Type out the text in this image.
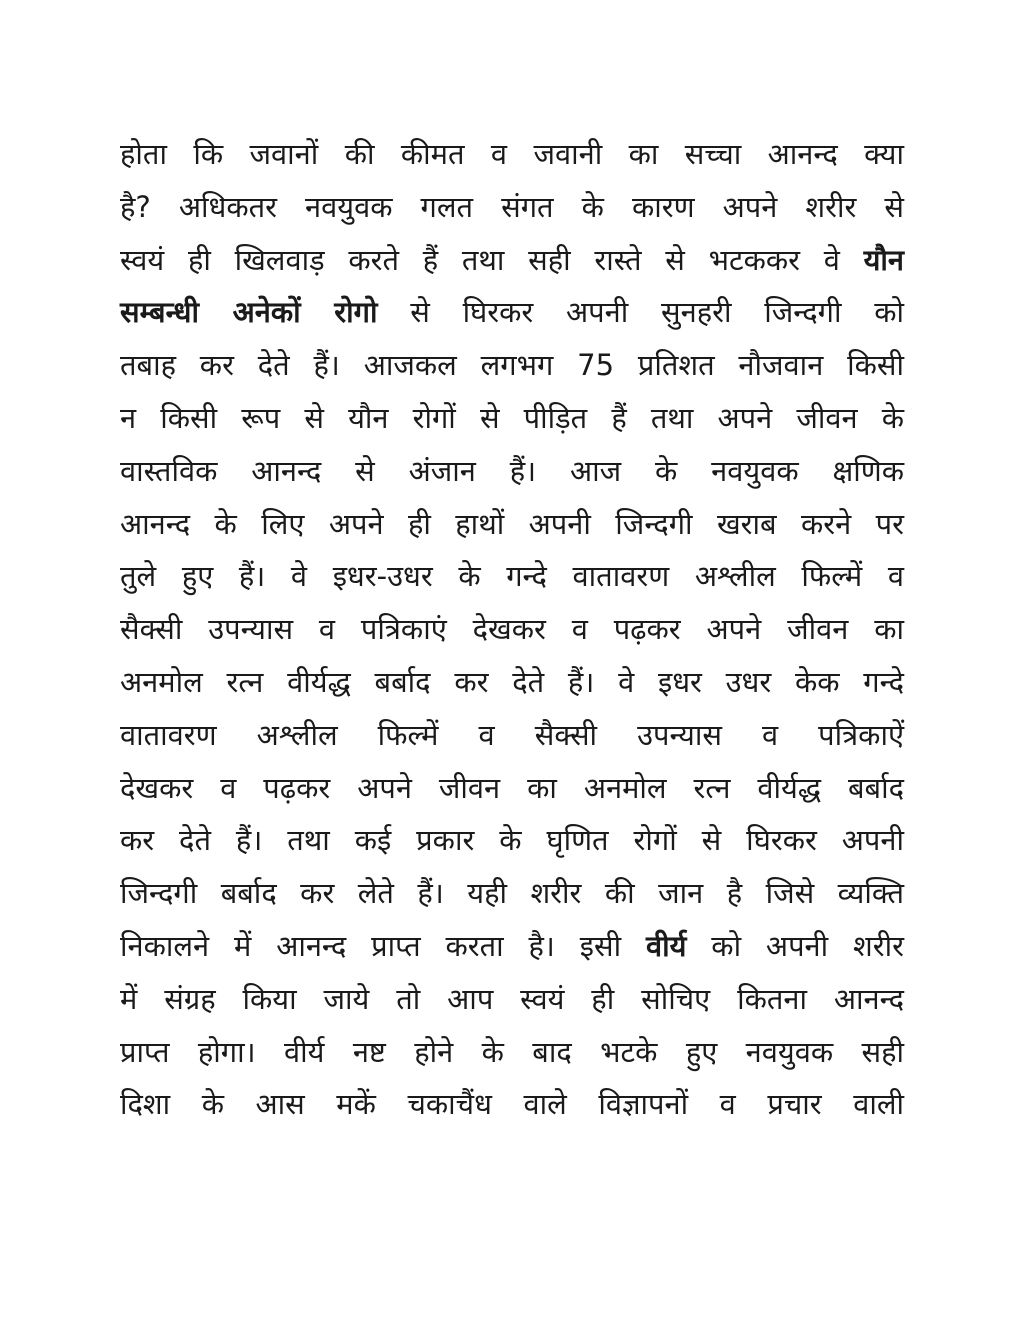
होता कि जवानों की कीमत व जवानी का सच्चा आनन्द क्या
है? अधिकतर नवयुवक गलत संगत के कारण अपने शरीर से
स्वयं ही खिलवाड़ करते हैं तथा सही रास्ते से भटककर वे यौन
सम्बन्धी अनेकों रोगो से घिरकर अपनी सुनहरी जिन्दगी को
तबाह कर देते हैं। आजकल लगभग 75 प्रतिशत नौजवान किसी
न किसी रूप से यौन रोगों से पीड़ित हैं तथा अपने जीवन के
वास्तविक आनन्द से अंजान हैं। आज के नवयुवक क्षणिक
आनन्द के लिए अपने ही हाथों अपनी जिन्दगी खराब करने पर
तुले हुए हैं। वे इधर-उधर के गन्दे वातावरण अश्लील फिल्में व
सैक्सी उपन्यास व पत्रिकाएं देखकर व पढ़कर अपने जीवन का
अनमोल रत्न वीर्यद्ध बर्बाद कर देते हैं। वे इधर उधर केक गन्दे
वातावरण अश्लील फिल्में व सैक्सी उपन्यास व पत्रिकाऐं
देखकर व पढ़कर अपने जीवन का अनमोल रत्न वीर्यद्ध बर्बाद
कर देते हैं। तथा कई प्रकार के घृणित रोगों से घिरकर अपनी
जिन्दगी बर्बाद कर लेते हैं। यही शरीर की जान है जिसे व्यक्ति
निकालने में आनन्द प्राप्त करता है। इसी वीर्य को अपनी शरीर
में संग्रह किया जाये तो आप स्वयं ही सोचिए कितना आनन्द
प्राप्त होगा। वीर्य नष्ट होने के बाद भटके हुए नवयुवक सही
दिशा के आस मकें चकाचैंध वाले विज्ञापनों व प्रचार वाली
